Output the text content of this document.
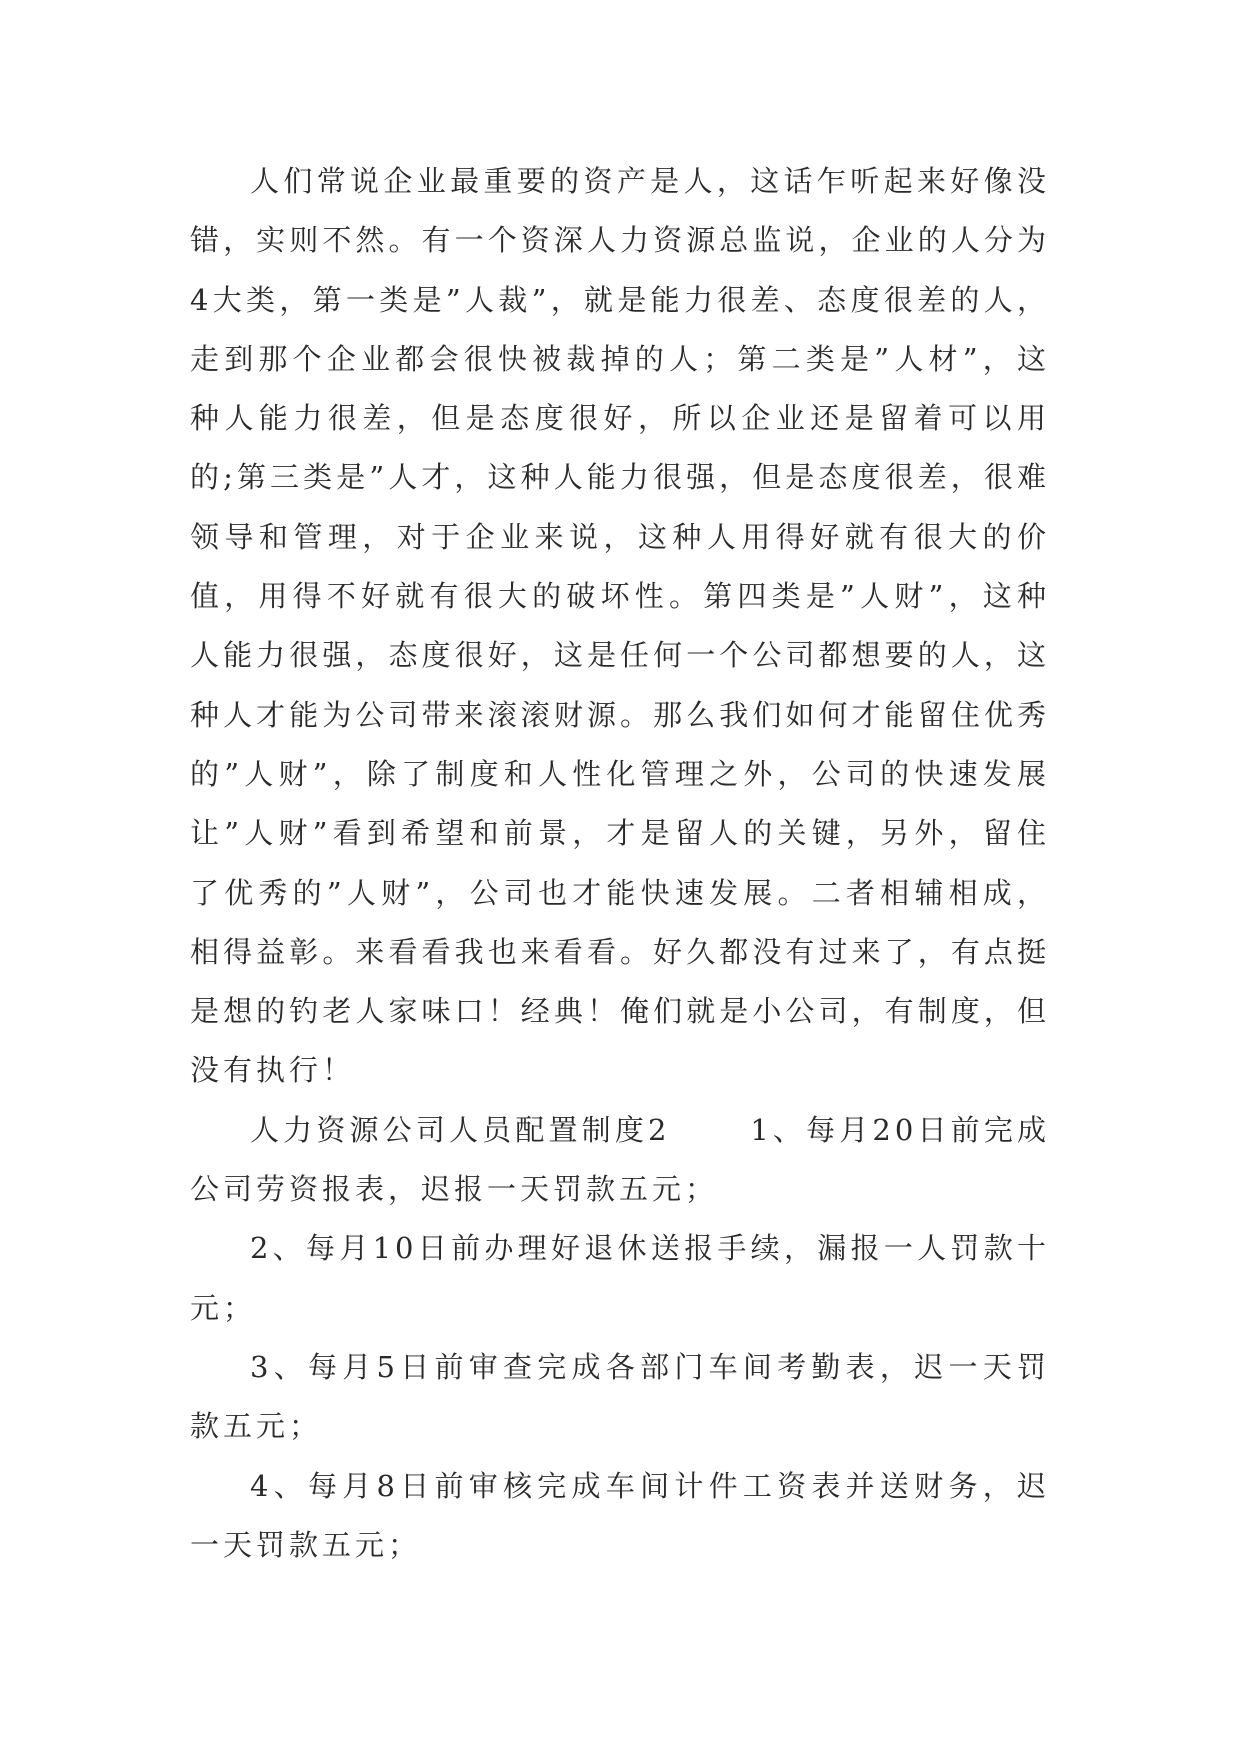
人们常说企业最重要的资产是人，这话乍听起来好像没错，实则不然。有一个资深人力资源总监说，企业的人分为4大类，第一类是”人裁”，就是能力很差、态度很差的人，走到那个企业都会很快被裁掉的人；第二类是”人材”，这种人能力很差，但是态度很好，所以企业还是留着可以用的;第三类是”人才，这种人能力很强，但是态度很差，很难领导和管理，对于企业来说，这种人用得好就有很大的价值，用得不好就有很大的破坏性。第四类是”人财”，这种人能力很强，态度很好，这是任何一个公司都想要的人，这种人才能为公司带来滚滚财源。那么我们如何才能留住优秀的”人财”，除了制度和人性化管理之外，公司的快速发展让”人财”看到希望和前景，才是留人的关键，另外，留住了优秀的”人财”，公司也才能快速发展。二者相辅相成，相得益彰。来看看我也来看看。好久都没有过来了，有点挺是想的钓老人家味口！经典！俺们就是小公司，有制度，但没有执行！

人力资源公司人员配置制度2　　 1、每月20日前完成公司劳资报表，迟报一天罚款五元；

2、每月10日前办理好退休送报手续，漏报一人罚款十元；

3、每月5日前审查完成各部门车间考勤表，迟一天罚款五元；

4、每月8日前审核完成车间计件工资表并送财务，迟一天罚款五元；
